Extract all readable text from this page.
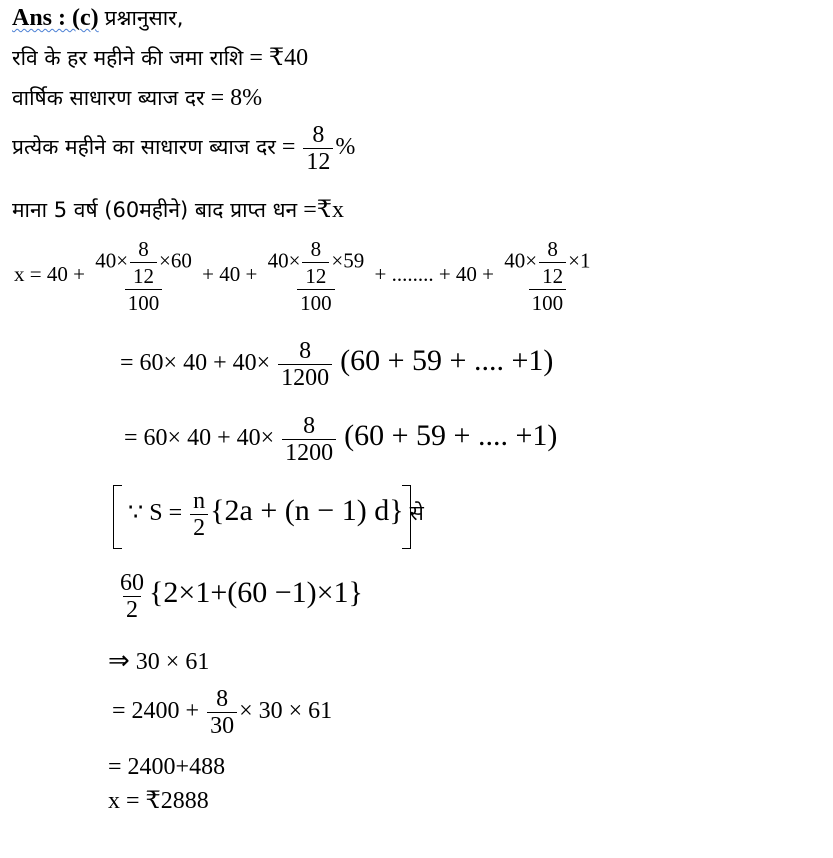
Ans : (c) प्रश्नानुसार,
रवि के हर महीने की जमा राशि = ₹40
वार्षिक साधारण ब्याज दर = 8%
प्रत्येक महीने का साधारण ब्याज दर = $\frac{8}{12}$ %
माना 5 वर्ष (60महीने) बाद प्राप्त धन =₹x
$x = 40 + \frac{40\times \frac{8}{12} \times 60}{100} + 40 + \frac{40\times \frac{8}{12} \times 59}{100}$ + ........ + $40 + \frac{40\times \frac{8}{12} \times 1}{100}$
= $60\times 40 + 40\times \frac{8}{1200} (60 + 59$ + .... +1)
= $60\times 40 + 40\times \frac{8}{1200} (60 + 59$ + .... +1)
∵ $S = \frac{n}{2} \{2a + (n - 1)$ d} से
$\frac{60}{2} \{2\times 1+(60 -1)\times 1\}$
⇒ 30 × 61
= $2400 + \frac{8}{30} \times 30 \times 61$
= 2400+488
x = ₹2888
